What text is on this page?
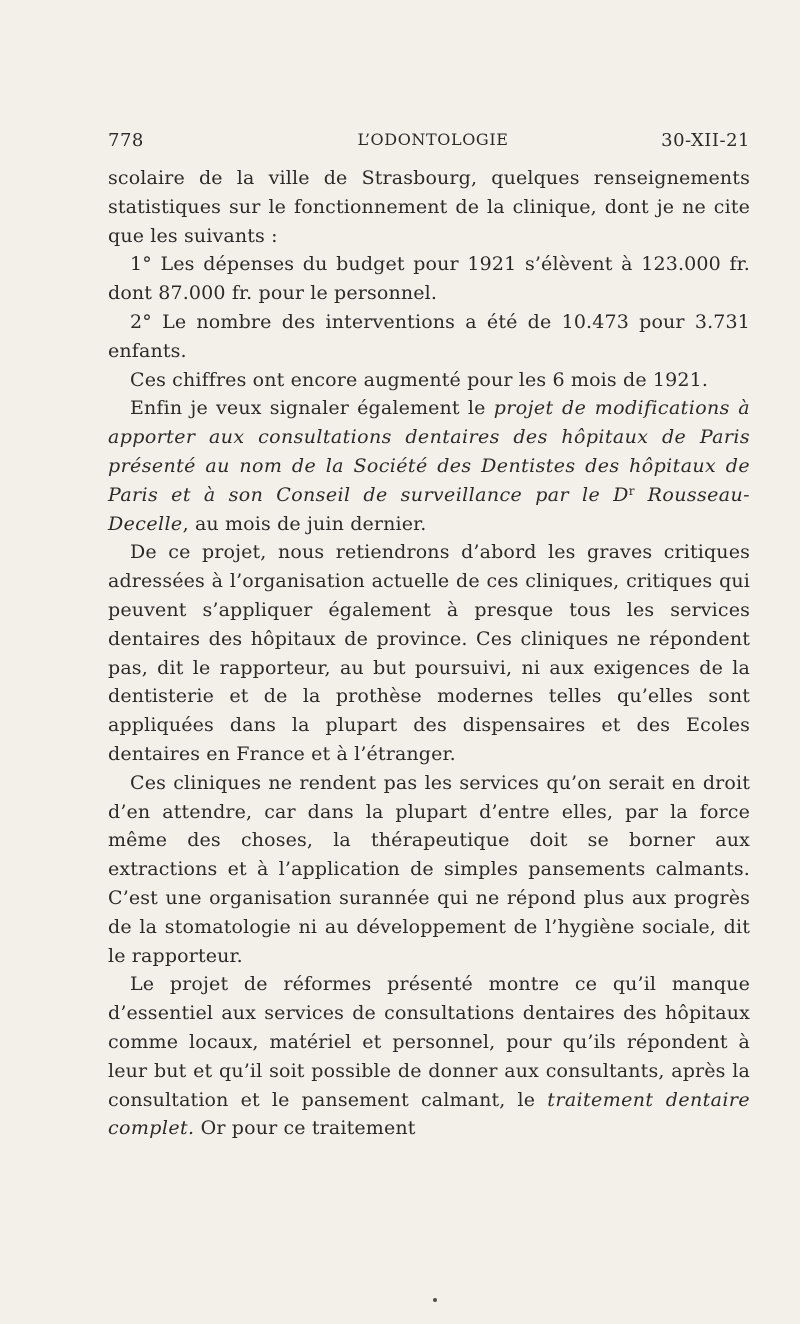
778	L’ODONTOLOGIE	30-XII-21

scolaire de la ville de Strasbourg, quelques renseignements statistiques sur le fonctionnement de la clinique, dont je ne cite que les suivants :

1° Les dépenses du budget pour 1921 s’élèvent à 123.000 fr. dont 87.000 fr. pour le personnel.

2° Le nombre des interventions a été de 10.473 pour 3.731 enfants.

Ces chiffres ont encore augmenté pour les 6 mois de 1921.

Enfin je veux signaler également le projet de modifications à apporter aux consultations dentaires des hôpitaux de Paris présenté au nom de la Société des Dentistes des hôpitaux de Paris et à son Conseil de surveillance par le $D^r$ Rousseau-Decelle, au mois de juin dernier.

De ce projet, nous retiendrons d’abord les graves critiques adressées à l’organisation actuelle de ces cliniques, critiques qui peuvent s’appliquer également à presque tous les services dentaires des hôpitaux de province. Ces cliniques ne répondent pas, dit le rapporteur, au but poursuivi, ni aux exigences de la dentisterie et de la prothèse modernes telles qu’elles sont appliquées dans la plupart des dispensaires et des Ecoles dentaires en France et à l’étranger.

Ces cliniques ne rendent pas les services qu’on serait en droit d’en attendre, car dans la plupart d’entre elles, par la force même des choses, la thérapeutique doit se borner aux extractions et à l’application de simples pansements calmants. C’est une organisation surannée qui ne répond plus aux progrès de la stomatologie ni au développement de l’hygiène sociale, dit le rapporteur.

Le projet de réformes présenté montre ce qu’il manque d’essentiel aux services de consultations dentaires des hôpitaux comme locaux, matériel et personnel, pour qu’ils répondent à leur but et qu’il soit possible de donner aux consultants, après la consultation et le pansement calmant, le traitement dentaire complet. Or pour ce traitement
